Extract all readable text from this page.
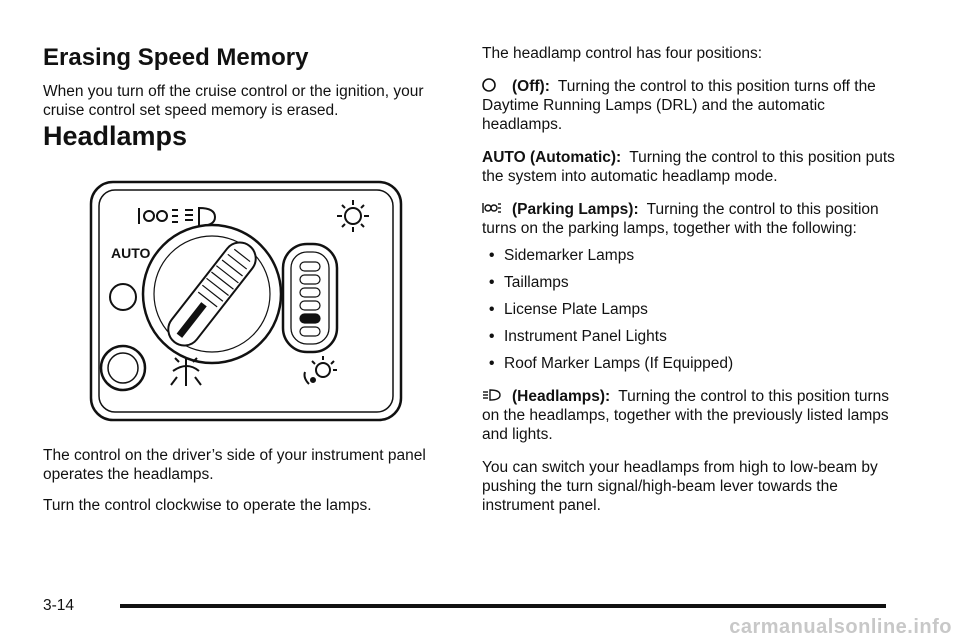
Erasing Speed Memory

When you turn off the cruise control or the ignition, your cruise control set speed memory is erased.

Headlamps
AUTO

The control on the driver’s side of your instrument panel operates the headlamps.

Turn the control clockwise to operate the lamps.

The headlamp control has four positions:

(Off): Turning the control to this position turns off the Daytime Running Lamps (DRL) and the automatic headlamps.

AUTO (Automatic): Turning the control to this position puts the system into automatic headlamp mode.

(Parking Lamps): Turning the control to this position turns on the parking lamps, together with the following:

• Sidemarker Lamps
• Taillamps
• License Plate Lamps
• Instrument Panel Lights
• Roof Marker Lamps (If Equipped)

(Headlamps): Turning the control to this position turns on the headlamps, together with the previously listed lamps and lights.

You can switch your headlamps from high to low-beam by pushing the turn signal/high-beam lever towards the instrument panel.

3-14
carmanualsonline.info
